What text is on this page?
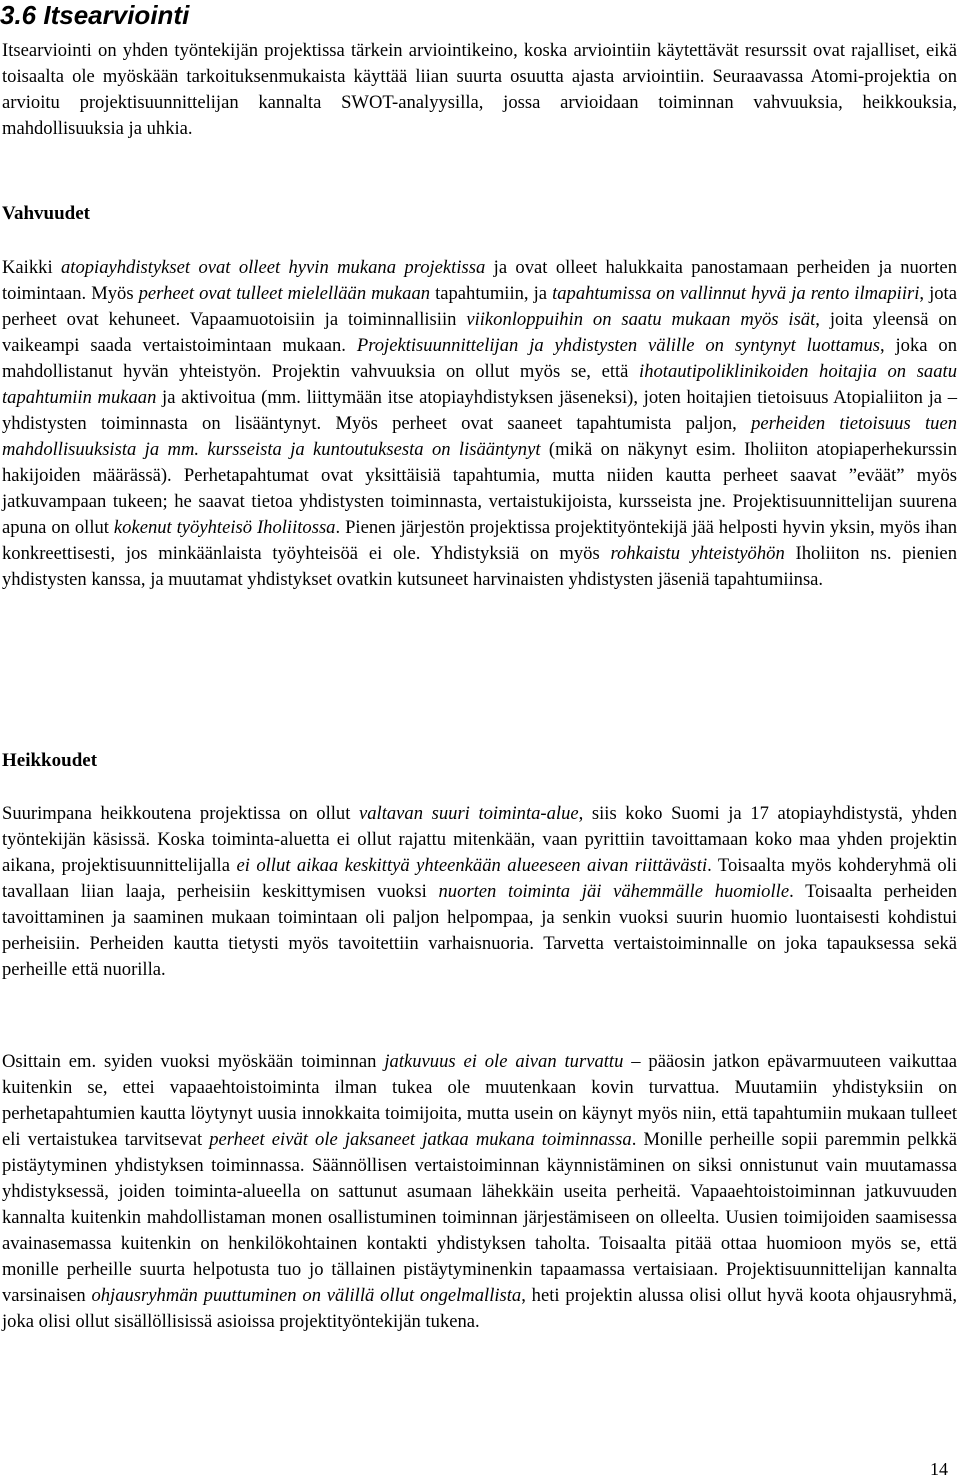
3.6 Itsearviointi

Itsearviointi on yhden työntekijän projektissa tärkein arviointikeino, koska arviointiin käytettävät resurssit ovat rajalliset, eikä toisaalta ole myöskään tarkoituksenmukaista käyttää liian suurta osuutta ajasta arviointiin. Seuraavassa Atomi-projektia on arvioitu projektisuunnittelijan kannalta SWOT-analyysilla, jossa arvioidaan toiminnan vahvuuksia, heikkouksia, mahdollisuuksia ja uhkia.

Vahvuudet

Kaikki atopiayhdistykset ovat olleet hyvin mukana projektissa ja ovat olleet halukkaita panostamaan perheiden ja nuorten toimintaan. Myös perheet ovat tulleet mielellään mukaan tapahtumiin, ja tapahtumissa on vallinnut hyvä ja rento ilmapiiri, jota perheet ovat kehuneet. Vapaamuotoisiin ja toiminnallisiin viikonloppuihin on saatu mukaan myös isät, joita yleensä on vaikeampi saada vertaistoimintaan mukaan. Projektisuunnittelijan ja yhdistysten välille on syntynyt luottamus, joka on mahdollistanut hyvän yhteistyön. Projektin vahvuuksia on ollut myös se, että ihotautipoliklinikoiden hoitajia on saatu tapahtumiin mukaan ja aktivoitua (mm. liittymään itse atopiayhdistyksen jäseneksi), joten hoitajien tietoisuus Atopialiiton ja –yhdistysten toiminnasta on lisääntynyt. Myös perheet ovat saaneet tapahtumista paljon, perheiden tietoisuus tuen mahdollisuuksista ja mm. kursseista ja kuntoutuksesta on lisääntynyt (mikä on näkynyt esim. Iholiiton atopiaperhekurssin hakijoiden määrässä). Perhetapahtumat ovat yksittäisiä tapahtumia, mutta niiden kautta perheet saavat ”eväät” myös jatkuvampaan tukeen; he saavat tietoa yhdistysten toiminnasta, vertaistukijoista, kursseista jne. Projektisuunnittelijan suurena apuna on ollut kokenut työyhteisö Iholiitossa. Pienen järjestön projektissa projektityöntekijä jää helposti hyvin yksin, myös ihan konkreettisesti, jos minkäänlaista työyhteisöä ei ole. Yhdistyksiä on myös rohkaistu yhteistyöhön Iholiiton ns. pienien yhdistysten kanssa, ja muutamat yhdistykset ovatkin kutsuneet harvinaisten yhdistysten jäseniä tapahtumiinsa.

Heikkoudet

Suurimpana heikkoutena projektissa on ollut valtavan suuri toiminta-alue, siis koko Suomi ja 17 atopiayhdistystä, yhden työntekijän käsissä. Koska toiminta-aluetta ei ollut rajattu mitenkään, vaan pyrittiin tavoittamaan koko maa yhden projektin aikana, projektisuunnittelijalla ei ollut aikaa keskittyä yhteenkään alueeseen aivan riittävästi. Toisaalta myös kohderyhmä oli tavallaan liian laaja, perheisiin keskittymisen vuoksi nuorten toiminta jäi vähemmälle huomiolle. Toisaalta perheiden tavoittaminen ja saaminen mukaan toimintaan oli paljon helpompaa, ja senkin vuoksi suurin huomio luontaisesti kohdistui perheisiin. Perheiden kautta tietysti myös tavoitettiin varhaisnuoria. Tarvetta vertaistoiminnalle on joka tapauksessa sekä perheille että nuorilla.

Osittain em. syiden vuoksi myöskään toiminnan jatkuvuus ei ole aivan turvattu – pääosin jatkon epävarmuuteen vaikuttaa kuitenkin se, ettei vapaaehtoistoiminta ilman tukea ole muutenkaan kovin turvattua. Muutamiin yhdistyksiin on perhetapahtumien kautta löytynyt uusia innokkaita toimijoita, mutta usein on käynyt myös niin, että tapahtumiin mukaan tulleet eli vertaistukea tarvitsevat perheet eivät ole jaksaneet jatkaa mukana toiminnassa. Monille perheille sopii paremmin pelkkä pistäytyminen yhdistyksen toiminnassa. Säännöllisen vertaistoiminnan käynnistäminen on siksi onnistunut vain muutamassa yhdistyksessä, joiden toiminta-alueella on sattunut asumaan lähekkäin useita perheitä. Vapaaehtoistoiminnan jatkuvuuden kannalta kuitenkin mahdollistaman monen osallistuminen toiminnan järjestämiseen on olleelta. Uusien toimijoiden saamisessa avainasemassa kuitenkin on henkilökohtainen kontakti yhdistyksen taholta. Toisaalta pitää ottaa huomioon myös se, että monille perheille suurta helpotusta tuo jo tällainen pistäytyminenkin tapaamassa vertaisiaan. Projektisuunnittelijan kannalta varsinaisen ohjausryhmän puuttuminen on välillä ollut ongelmallista, heti projektin alussa olisi ollut hyvä koota ohjausryhmä, joka olisi ollut sisällöllisissä asioissa projektityöntekijän tukena.

14
